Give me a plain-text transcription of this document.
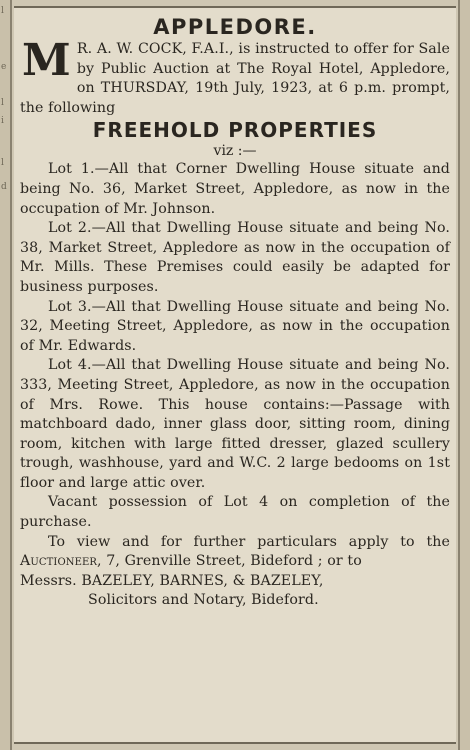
l
e
l
i
l
d

APPLEDORE.

M R. A. W. COCK, F.A.I., is instructed to offer for Sale by Public Auction at The Royal Hotel, Appledore, on THURSDAY, 19th July, 1923, at 6 p.m. prompt, the following

FREEHOLD PROPERTIES

viz :—

Lot 1.—All that Corner Dwelling House situate and being No. 36, Market Street, Appledore, as now in the occupation of Mr. Johnson.

Lot 2.—All that Dwelling House situate and being No. 38, Market Street, Appledore as now in the occupation of Mr. Mills. These Premises could easily be adapted for business purposes.

Lot 3.—All that Dwelling House situate and being No. 32, Meeting Street, Appledore, as now in the occupation of Mr. Edwards.

Lot 4.—All that Dwelling House situate and being No. 333, Meeting Street, Appledore, as now in the occupation of Mrs. Rowe. This house contains:—Passage with matchboard dado, inner glass door, sitting room, dining room, kitchen with large fitted dresser, glazed scullery trough, washhouse, yard and W.C. 2 large bedooms on 1st floor and large attic over.

Vacant possession of Lot 4 on completion of the purchase.

To view and for further particulars apply to the Auctioneer, 7, Grenville Street, Bideford ; or to

Messrs. BAZELEY, BARNES, & BAZELEY,

Solicitors and Notary, Bideford.
